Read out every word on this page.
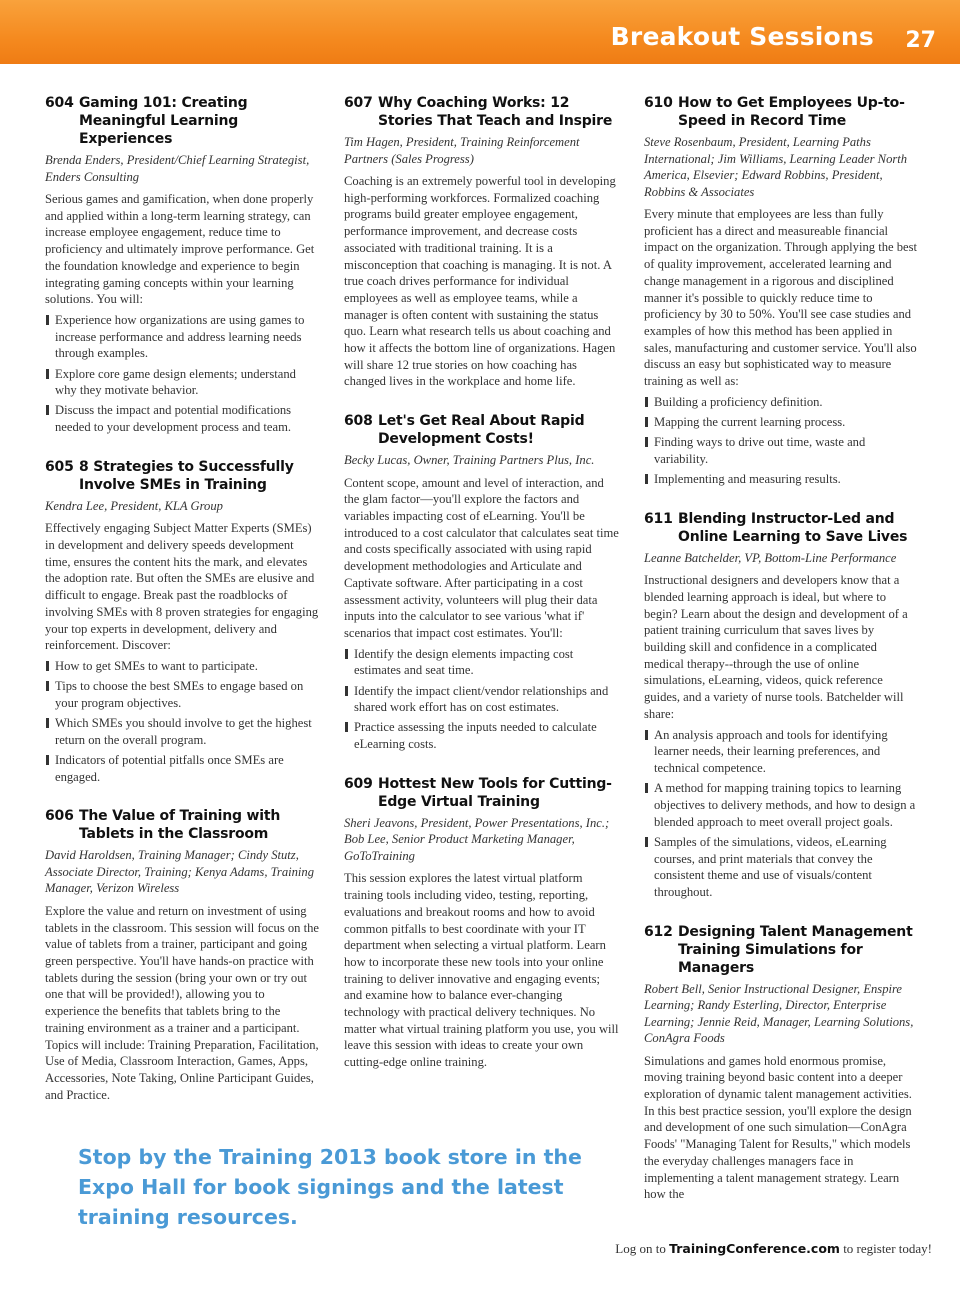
Breakout Sessions 27
604 Gaming 101: Creating Meaningful Learning Experiences
Brenda Enders, President/Chief Learning Strategist, Enders Consulting
Serious games and gamification, when done properly and applied within a long-term learning strategy, can increase employee engagement, reduce time to proficiency and ultimately improve performance. Get the foundation knowledge and experience to begin integrating gaming concepts within your learning solutions. You will:
Experience how organizations are using games to increase performance and address learning needs through examples.
Explore core game design elements; understand why they motivate behavior.
Discuss the impact and potential modifications needed to your development process and team.
605 8 Strategies to Successfully Involve SMEs in Training
Kendra Lee, President, KLA Group
Effectively engaging Subject Matter Experts (SMEs) in development and delivery speeds development time, ensures the content hits the mark, and elevates the adoption rate. But often the SMEs are elusive and difficult to engage. Break past the roadblocks of involving SMEs with 8 proven strategies for engaging your top experts in development, delivery and reinforcement. Discover:
How to get SMEs to want to participate.
Tips to choose the best SMEs to engage based on your program objectives.
Which SMEs you should involve to get the highest return on the overall program.
Indicators of potential pitfalls once SMEs are engaged.
606 The Value of Training with Tablets in the Classroom
David Haroldsen, Training Manager; Cindy Stutz, Associate Director, Training; Kenya Adams, Training Manager, Verizon Wireless
Explore the value and return on investment of using tablets in the classroom. This session will focus on the value of tablets from a trainer, participant and going green perspective. You'll have hands-on practice with tablets during the session (bring your own or try out one that will be provided!), allowing you to experience the benefits that tablets bring to the training environment as a trainer and a participant. Topics will include: Training Preparation, Facilitation, Use of Media, Classroom Interaction, Games, Apps, Accessories, Note Taking, Online Participant Guides, and Practice.
607 Why Coaching Works: 12 Stories That Teach and Inspire
Tim Hagen, President, Training Reinforcement Partners (Sales Progress)
Coaching is an extremely powerful tool in developing high-performing workforces. Formalized coaching programs build greater employee engagement, performance improvement, and decrease costs associated with traditional training. It is a misconception that coaching is managing. It is not. A true coach drives performance for individual employees as well as employee teams, while a manager is often content with sustaining the status quo. Learn what research tells us about coaching and how it affects the bottom line of organizations. Hagen will share 12 true stories on how coaching has changed lives in the workplace and home life.
608 Let's Get Real About Rapid Development Costs!
Becky Lucas, Owner, Training Partners Plus, Inc.
Content scope, amount and level of interaction, and the glam factor—you'll explore the factors and variables impacting cost of eLearning. You'll be introduced to a cost calculator that calculates seat time and costs specifically associated with using rapid development methodologies and Articulate and Captivate software. After participating in a cost assessment activity, volunteers will plug their data inputs into the calculator to see various 'what if' scenarios that impact cost estimates. You'll:
Identify the design elements impacting cost estimates and seat time.
Identify the impact client/vendor relationships and shared work effort has on cost estimates.
Practice assessing the inputs needed to calculate eLearning costs.
609 Hottest New Tools for Cutting-Edge Virtual Training
Sheri Jeavons, President, Power Presentations, Inc.; Bob Lee, Senior Product Marketing Manager, GoToTraining
This session explores the latest virtual platform training tools including video, testing, reporting, evaluations and breakout rooms and how to avoid common pitfalls to best coordinate with your IT department when selecting a virtual platform. Learn how to incorporate these new tools into your online training to deliver innovative and engaging events; and examine how to balance ever-changing technology with practical delivery techniques. No matter what virtual training platform you use, you will leave this session with ideas to create your own cutting-edge online training.
610 How to Get Employees Up-to-Speed in Record Time
Steve Rosenbaum, President, Learning Paths International; Jim Williams, Learning Leader North America, Elsevier; Edward Robbins, President, Robbins & Associates
Every minute that employees are less than fully proficient has a direct and measureable financial impact on the organization. Through applying the best of quality improvement, accelerated learning and change management in a rigorous and disciplined manner it's possible to quickly reduce time to proficiency by 30 to 50%. You'll see case studies and examples of how this method has been applied in sales, manufacturing and customer service. You'll also discuss an easy but sophisticated way to measure training as well as:
Building a proficiency definition.
Mapping the current learning process.
Finding ways to drive out time, waste and variability.
Implementing and measuring results.
611 Blending Instructor-Led and Online Learning to Save Lives
Leanne Batchelder, VP, Bottom-Line Performance
Instructional designers and developers know that a blended learning approach is ideal, but where to begin? Learn about the design and development of a patient training curriculum that saves lives by building skill and confidence in a complicated medical therapy--through the use of online simulations, eLearning, videos, quick reference guides, and a variety of nurse tools. Batchelder will share:
An analysis approach and tools for identifying learner needs, their learning preferences, and technical competence.
A method for mapping training topics to learning objectives to delivery methods, and how to design a blended approach to meet overall project goals.
Samples of the simulations, videos, eLearning courses, and print materials that convey the consistent theme and use of visuals/content throughout.
612 Designing Talent Management Training Simulations for Managers
Robert Bell, Senior Instructional Designer, Enspire Learning; Randy Esterling, Director, Enterprise Learning; Jennie Reid, Manager, Learning Solutions, ConAgra Foods
Simulations and games hold enormous promise, moving training beyond basic content into a deeper exploration of dynamic talent management activities. In this best practice session, you'll explore the design and development of one such simulation—ConAgra Foods' "Managing Talent for Results," which models the everyday challenges managers face in implementing a talent management strategy. Learn how the
Stop by the Training 2013 book store in the Expo Hall for book signings and the latest training resources.
Log on to TrainingConference.com to register today!
